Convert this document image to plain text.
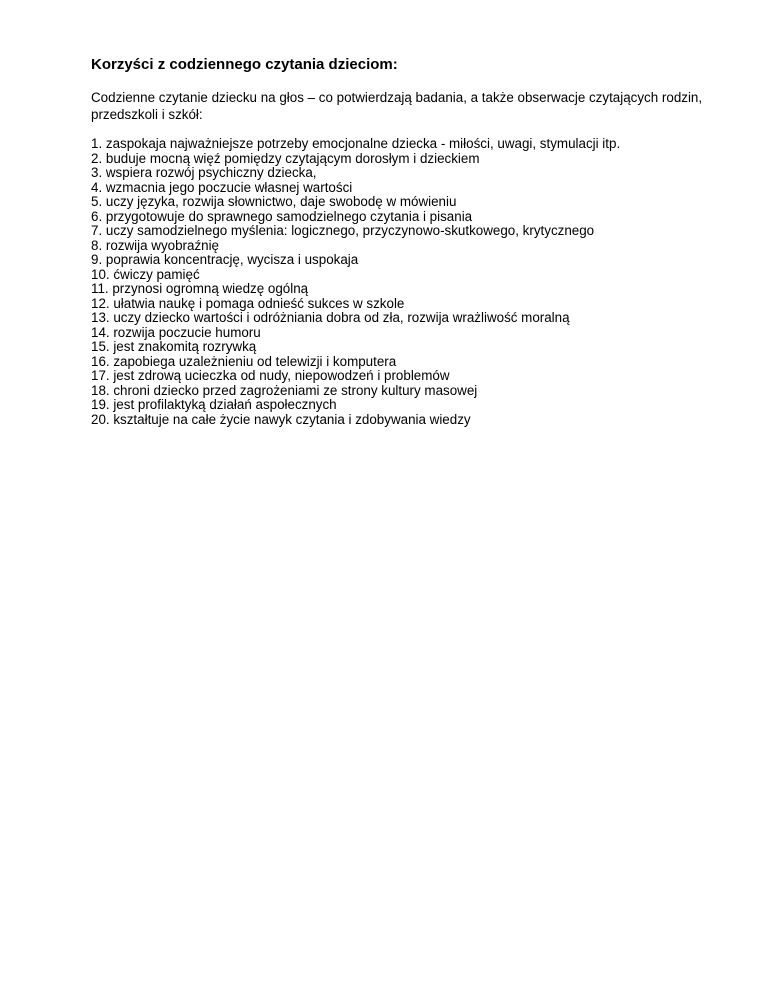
Korzyści z codziennego czytania dzieciom:

Codzienne czytanie dziecku na głos – co potwierdzają badania, a także obserwacje czytających rodzin, przedszkoli i szkół:

1. zaspokaja najważniejsze potrzeby emocjonalne dziecka - miłości, uwagi, stymulacji itp.
2. buduje mocną więź pomiędzy czytającym dorosłym i dzieckiem
3. wspiera rozwój psychiczny dziecka,
4. wzmacnia jego poczucie własnej wartości
5. uczy języka, rozwija słownictwo, daje swobodę w mówieniu
6. przygotowuje do sprawnego samodzielnego czytania i pisania
7. uczy samodzielnego myślenia: logicznego, przyczynowo-skutkowego, krytycznego
8. rozwija wyobraźnię
9. poprawia koncentrację, wycisza i uspokaja
10. ćwiczy pamięć
11. przynosi ogromną wiedzę ogólną
12. ułatwia naukę i pomaga odnieść sukces w szkole
13. uczy dziecko wartości i odróżniania dobra od zła, rozwija wrażliwość moralną
14. rozwija poczucie humoru
15. jest znakomitą rozrywką
16. zapobiega uzależnieniu od telewizji i komputera
17. jest zdrową ucieczka od nudy, niepowodzeń i problemów
18. chroni dziecko przed zagrożeniami ze strony kultury masowej
19. jest profilaktyką działań aspołecznych
20. kształtuje na całe życie nawyk czytania i zdobywania wiedzy
